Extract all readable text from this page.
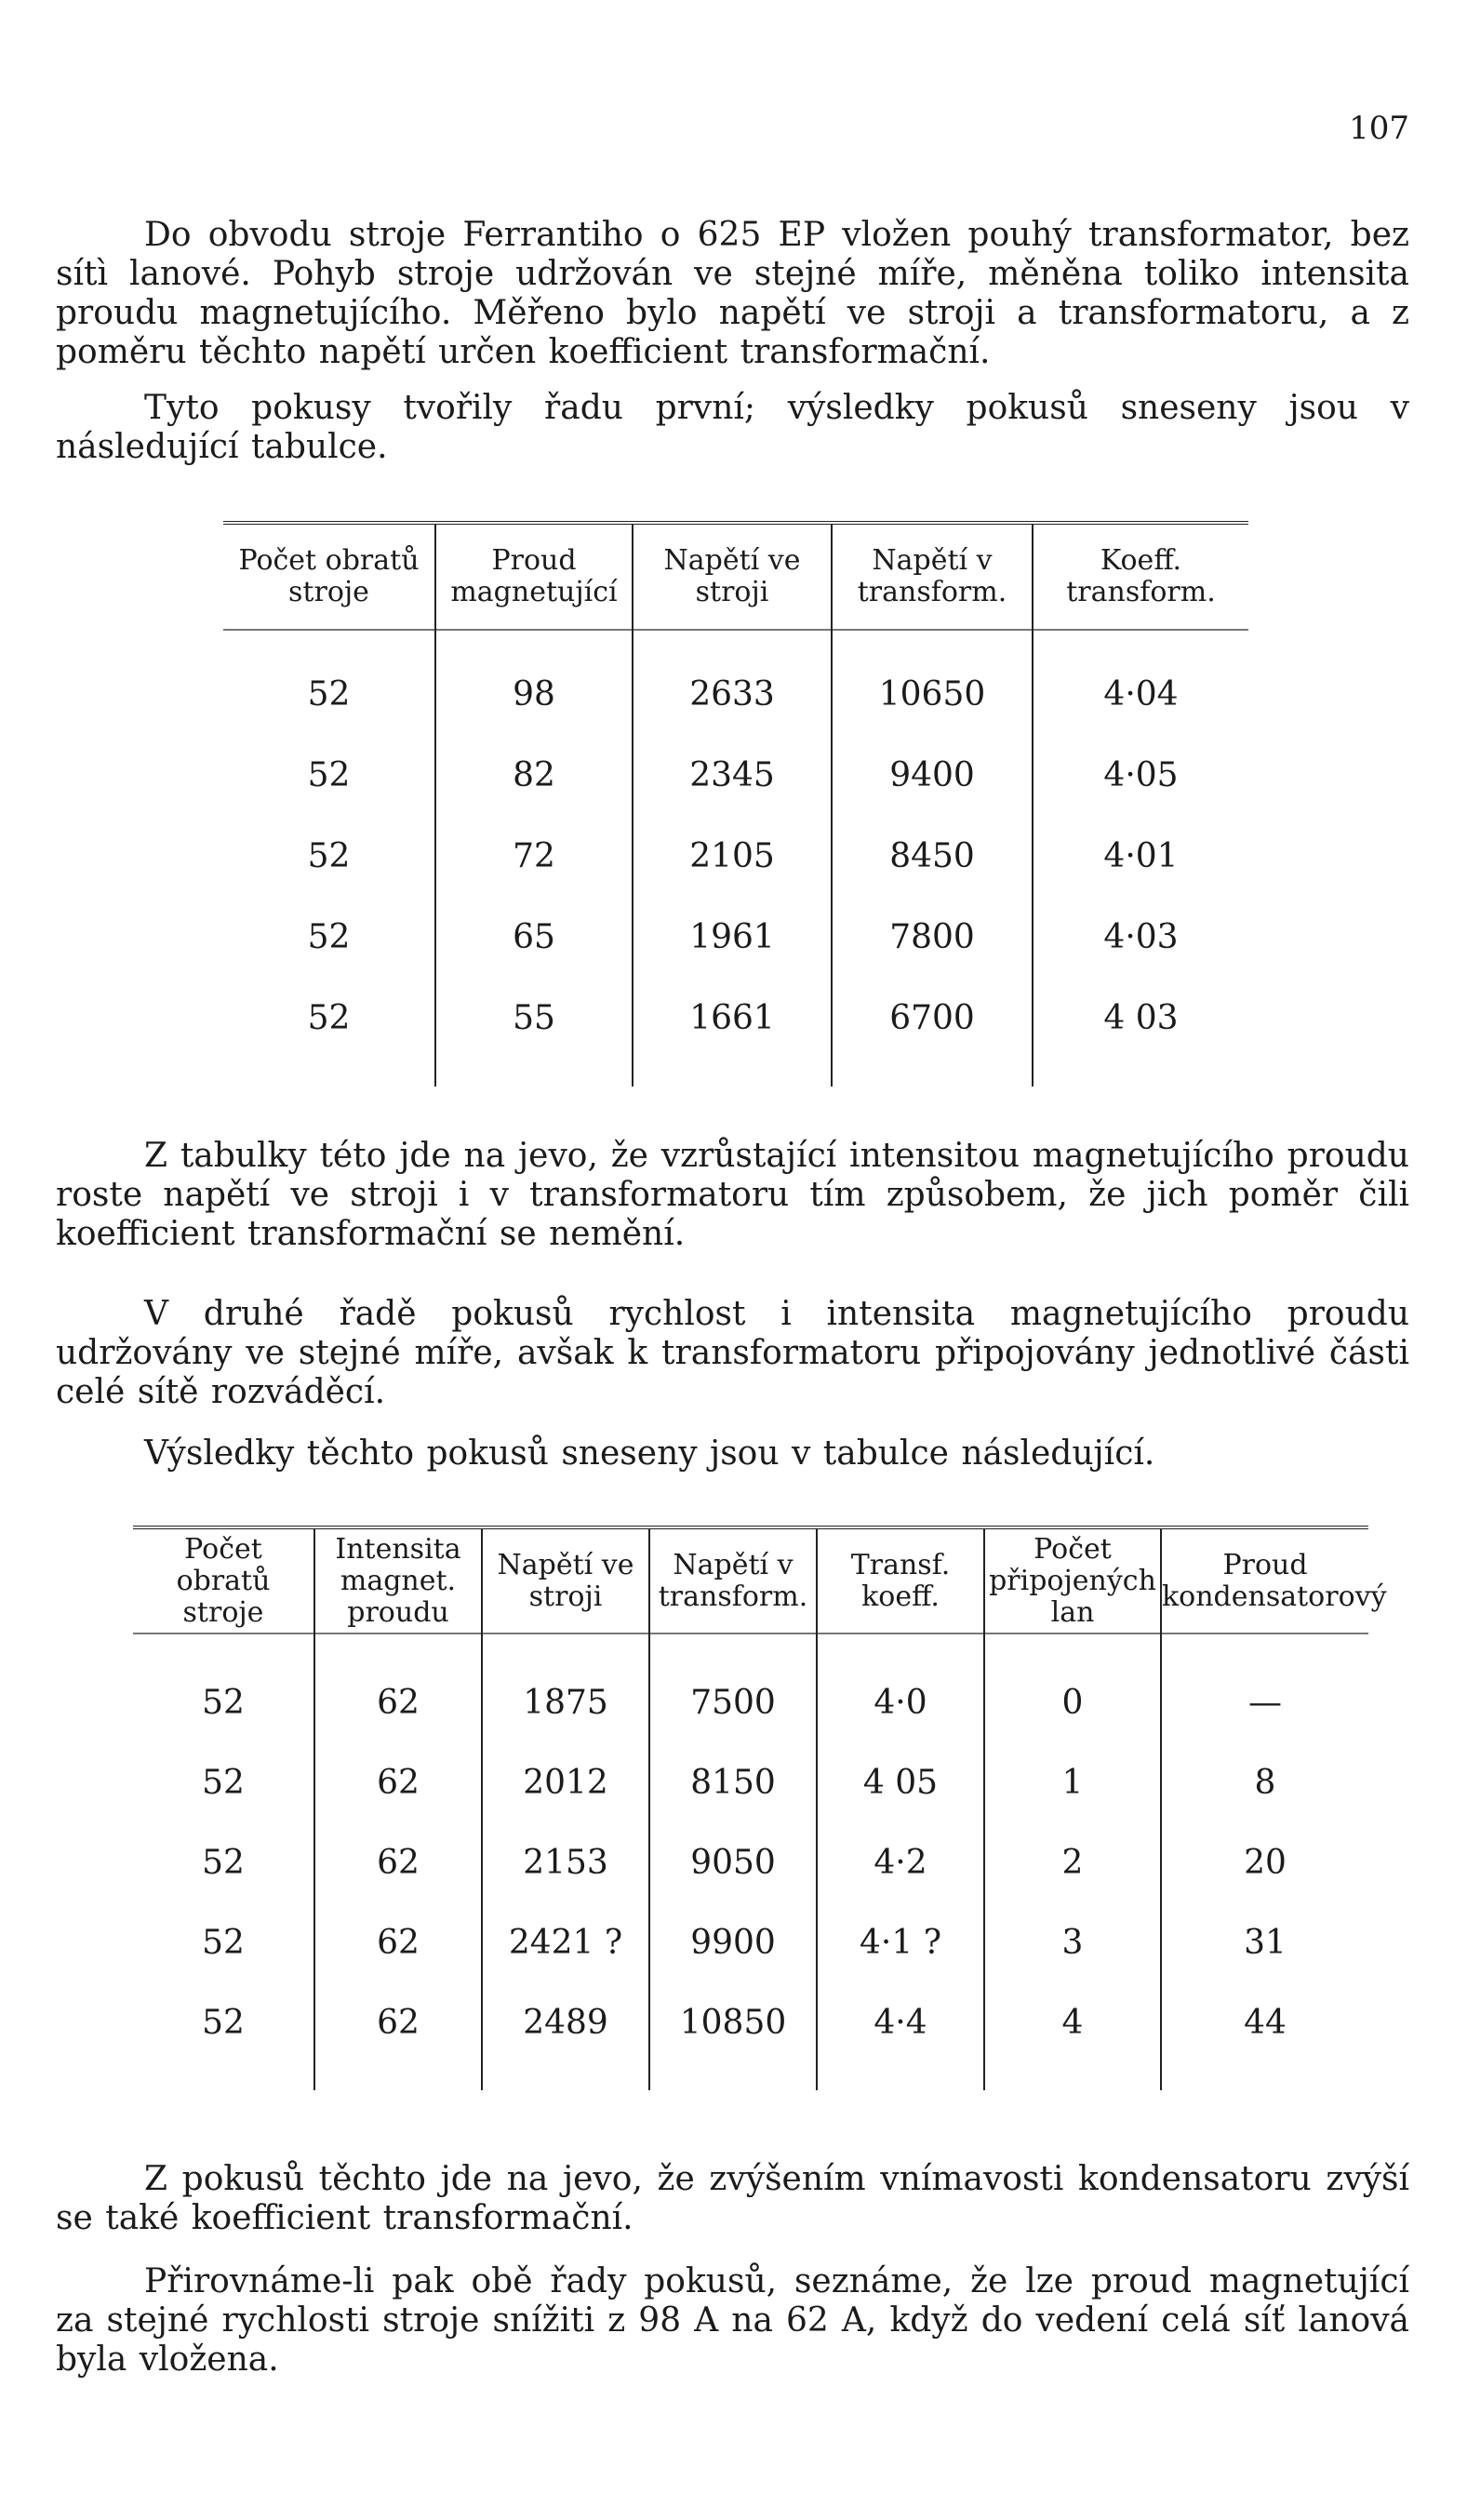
107

Do obvodu stroje Ferrantiho o 625 EP vložen pouhý transformator, bez sítì lanové. Pohyb stroje udržován ve stejné míře, měněna toliko intensita proudu magnetujícího. Měřeno bylo napětí ve stroji a transformatoru, a z poměru těchto napětí určen koefficient transformační.

Tyto pokusy tvořily řadu první; výsledky pokusů sneseny jsou v následující tabulce.

Počet obratů stroje	Proud magnetující	Napětí ve stroji	Napětí v transform.	Koeff. transform.

52	98	2633	10650	4·04
52	82	2345	9400	4·05
52	72	2105	8450	4·01
52	65	1961	7800	4·03
52	55	1661	6700	4 03

Z tabulky této jde na jevo, že vzrůstající intensitou magnetujícího proudu roste napětí ve stroji i v transformatoru tím způsobem, že jich poměr čili koefficient transformační se nemění.

V druhé řadě pokusů rychlost i intensita magnetujícího proudu udržovány ve stejné míře, avšak k transformatoru připojovány jednotlivé části celé sítě rozváděcí.

Výsledky těchto pokusů sneseny jsou v tabulce následující.

Počet obratů stroje	Intensita magnet. proudu	Napětí ve stroji	Napětí v transform.	Transf. koeff.	Počet připojených lan	Proud kondensatorový

52	62	1875	7500	4·0	0	—
52	62	2012	8150	4 05	1	8
52	62	2153	9050	4·2	2	20
52	62	2421 ?	9900	4·1 ?	3	31
52	62	2489	10850	4·4	4	44

Z pokusů těchto jde na jevo, že zvýšením vnímavosti kondensatoru zvýší se také koefficient transformační.

Přirovnáme-li pak obě řady pokusů, seznáme, že lze proud magnetující za stejné rychlosti stroje snížiti z 98 A na 62 A, když do vedení celá síť lanová byla vložena.
